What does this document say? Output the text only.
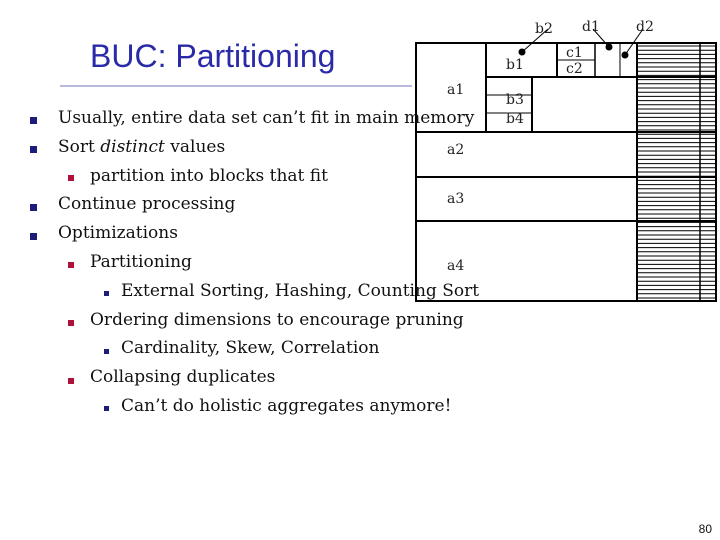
a1
a2
a3
a4
b1
b2
b3
b4
c1
c2
d1	d2
BUC: Partitioning
Usually, entire data set can’t fit in main memory
Sort distinct values
partition into blocks that fit
Continue processing
Optimizations
Partitioning
External Sorting, Hashing, Counting Sort
Ordering dimensions to encourage pruning
Cardinality, Skew, Correlation
Collapsing duplicates
Can’t do holistic aggregates anymore!
80
